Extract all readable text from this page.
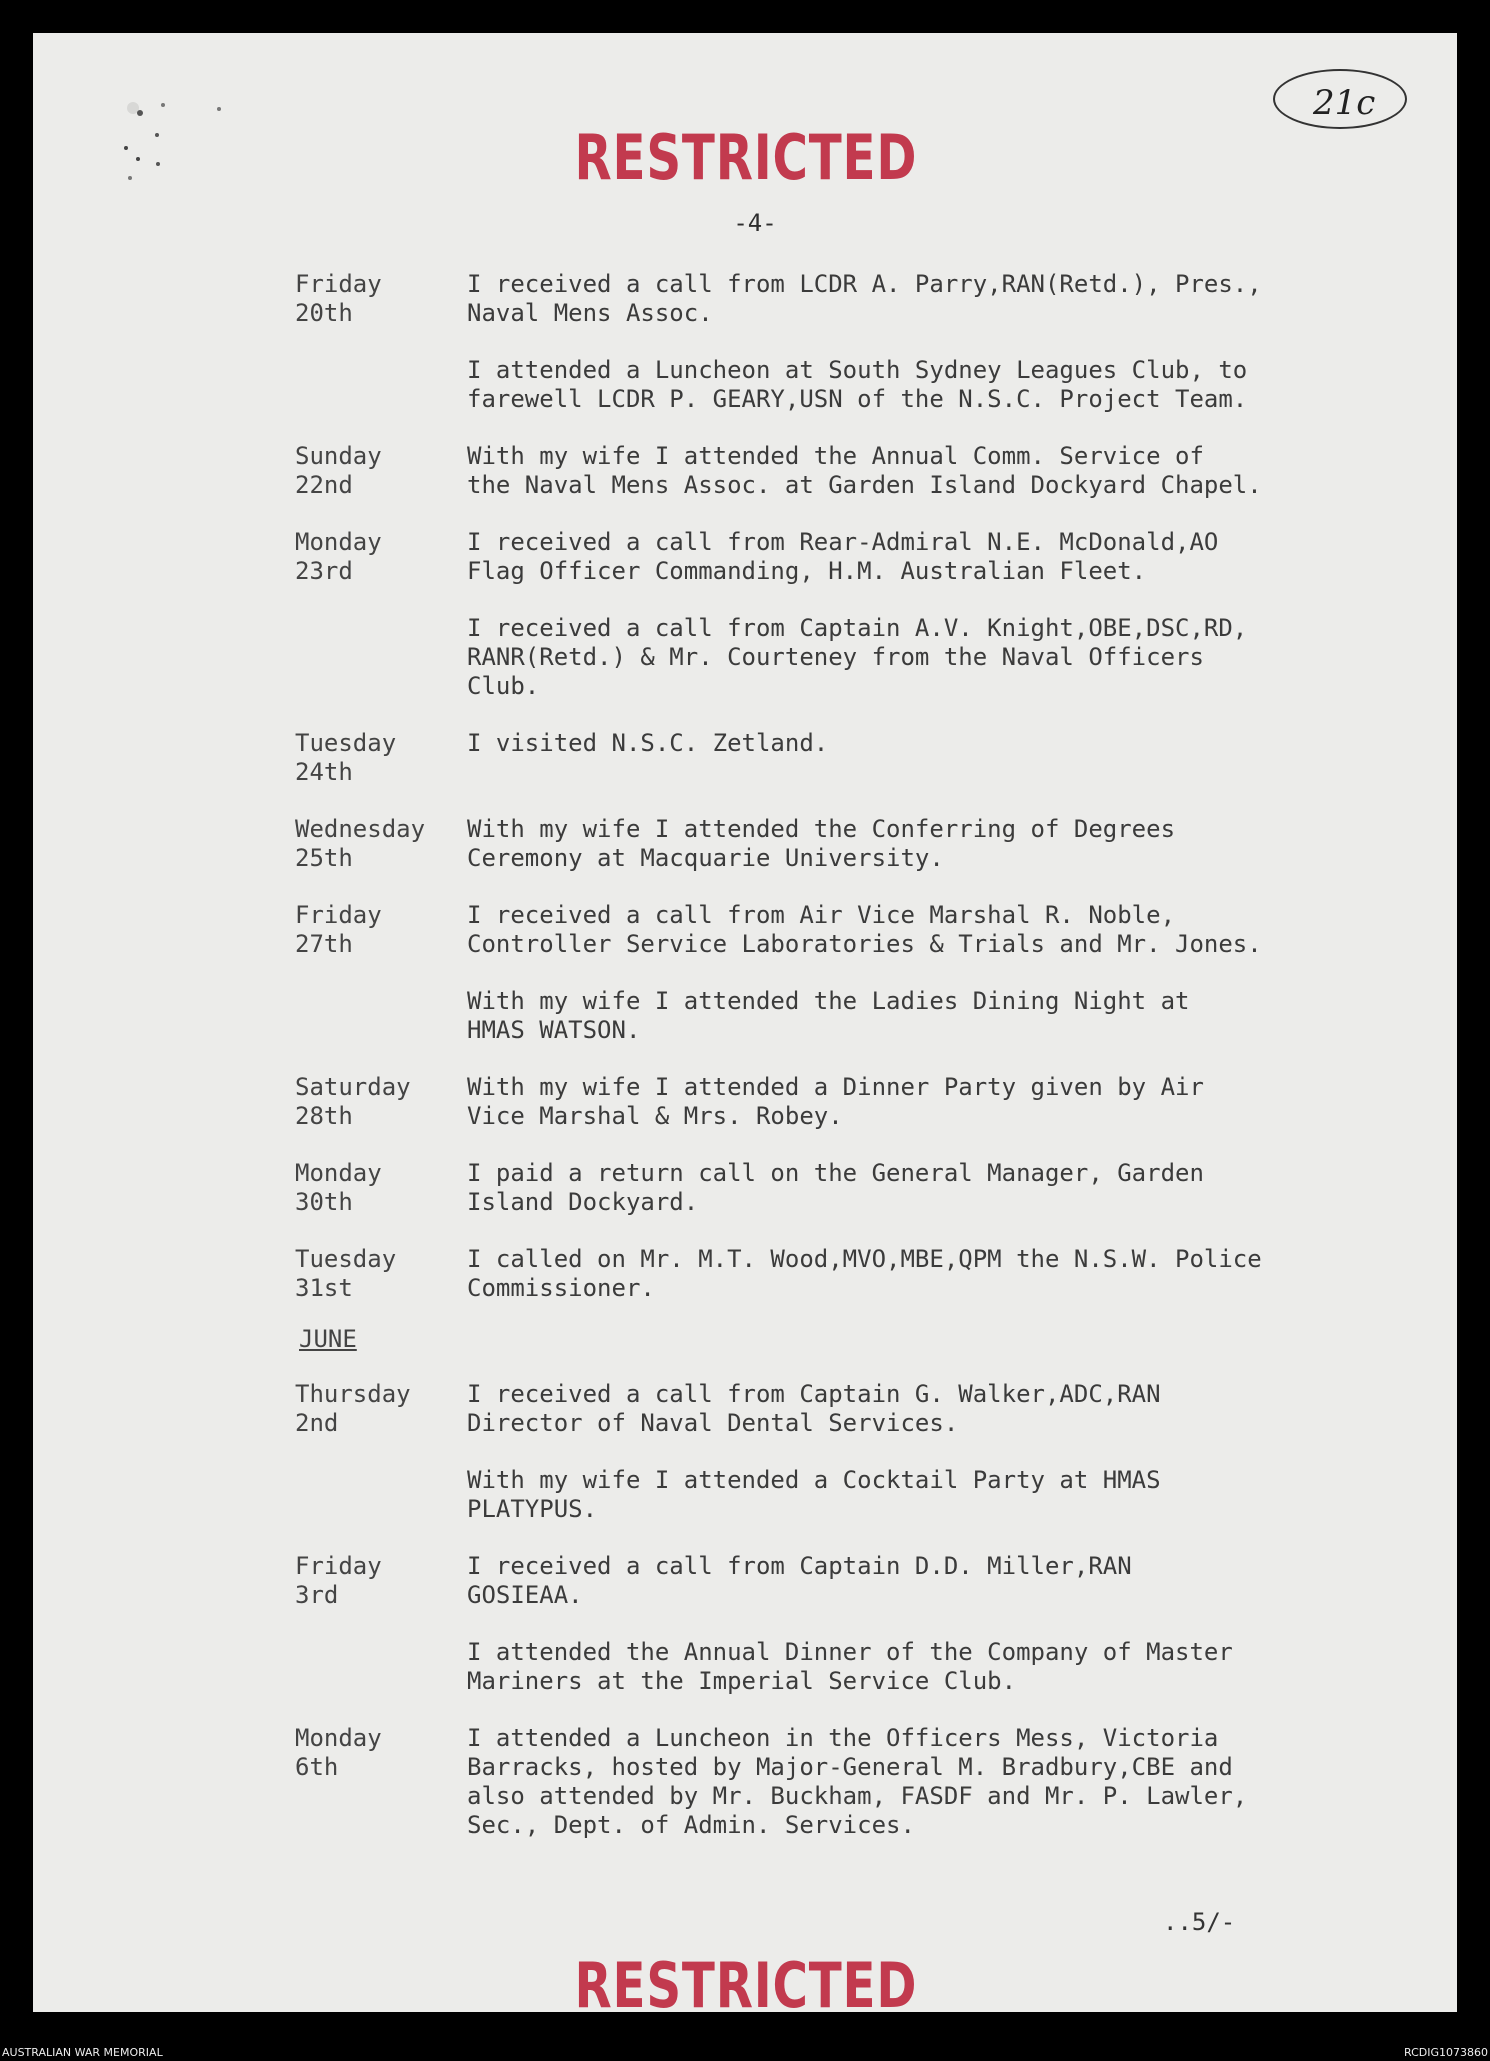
21c
RESTRICTED
-4-
Friday
20th
I received a call from LCDR A. Parry,RAN(Retd.), Pres.,
Naval Mens Assoc.
I attended a Luncheon at South Sydney Leagues Club, to
farewell LCDR P. GEARY,USN of the N.S.C. Project Team.
Sunday
22nd
With my wife I attended the Annual Comm. Service of
the Naval Mens Assoc. at Garden Island Dockyard Chapel.
Monday
23rd
I received a call from Rear-Admiral N.E. McDonald,AO
Flag Officer Commanding, H.M. Australian Fleet.
I received a call from Captain A.V. Knight,OBE,DSC,RD,
RANR(Retd.) & Mr. Courteney from the Naval Officers
Club.
Tuesday
24th
I visited N.S.C. Zetland.
Wednesday
25th
With my wife I attended the Conferring of Degrees
Ceremony at Macquarie University.
Friday
27th
I received a call from Air Vice Marshal R. Noble,
Controller Service Laboratories & Trials and Mr. Jones.
With my wife I attended the Ladies Dining Night at
HMAS WATSON.
Saturday
28th
With my wife I attended a Dinner Party given by Air
Vice Marshal & Mrs. Robey.
Monday
30th
I paid a return call on the General Manager, Garden
Island Dockyard.
Tuesday
31st
I called on Mr. M.T. Wood,MVO,MBE,QPM the N.S.W. Police
Commissioner.
JUNE
Thursday
2nd
I received a call from Captain G. Walker,ADC,RAN
Director of Naval Dental Services.
With my wife I attended a Cocktail Party at HMAS
PLATYPUS.
Friday
3rd
I received a call from Captain D.D. Miller,RAN
GOSIEAA.
I attended the Annual Dinner of the Company of Master
Mariners at the Imperial Service Club.
Monday
6th
I attended a Luncheon in the Officers Mess, Victoria
Barracks, hosted by Major-General M. Bradbury,CBE and
also attended by Mr. Buckham, FASDF and Mr. P. Lawler,
Sec., Dept. of Admin. Services.
..5/-
RESTRICTED
AUSTRALIAN WAR MEMORIAL	RCDIG1073860
